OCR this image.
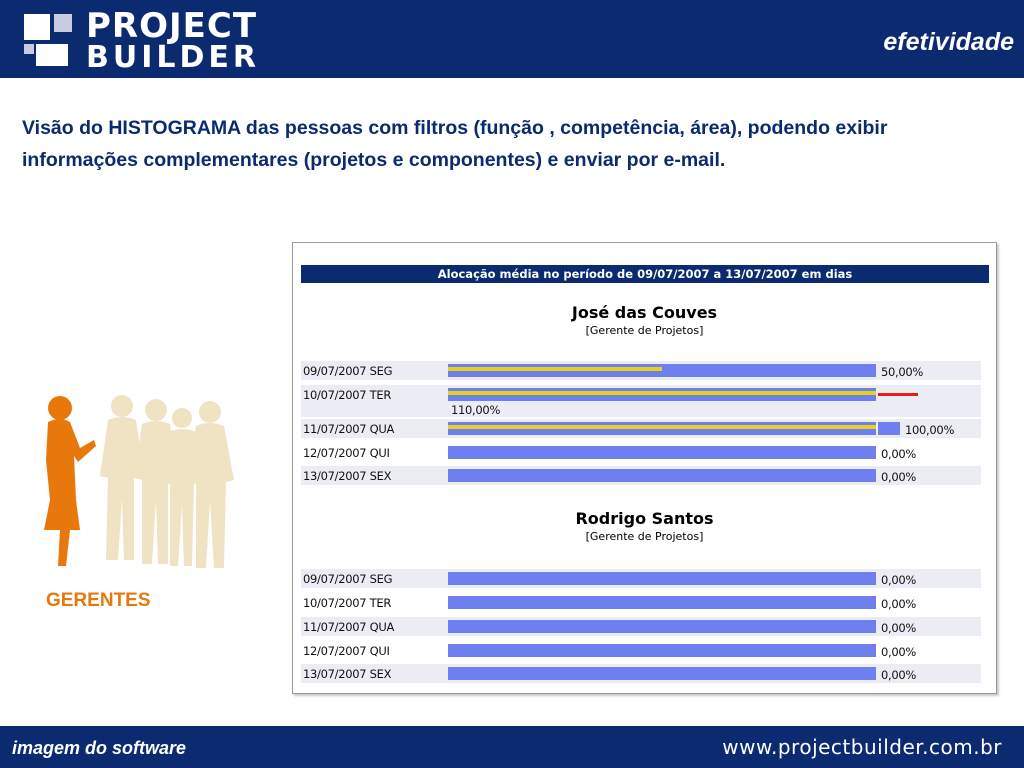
PROJECT
BUILDER	efetividade
Visão do HISTOGRAMA das pessoas com filtros (função , competência, área), podendo exibir informações complementares (projetos e componentes) e enviar por e-mail.
GERENTES
Alocação média no período de 09/07/2007 a 13/07/2007 em dias
José das Couves
[Gerente de Projetos]
09/07/2007 SEG	50,00%
10/07/2007 TER
110,00%
11/07/2007 QUA	100,00%
12/07/2007 QUI	0,00%
13/07/2007 SEX	0,00%
Rodrigo Santos
[Gerente de Projetos]
09/07/2007 SEG	0,00%
10/07/2007 TER	0,00%
11/07/2007 QUA	0,00%
12/07/2007 QUI	0,00%
13/07/2007 SEX	0,00%
imagem do software	www.projectbuilder.com.br
